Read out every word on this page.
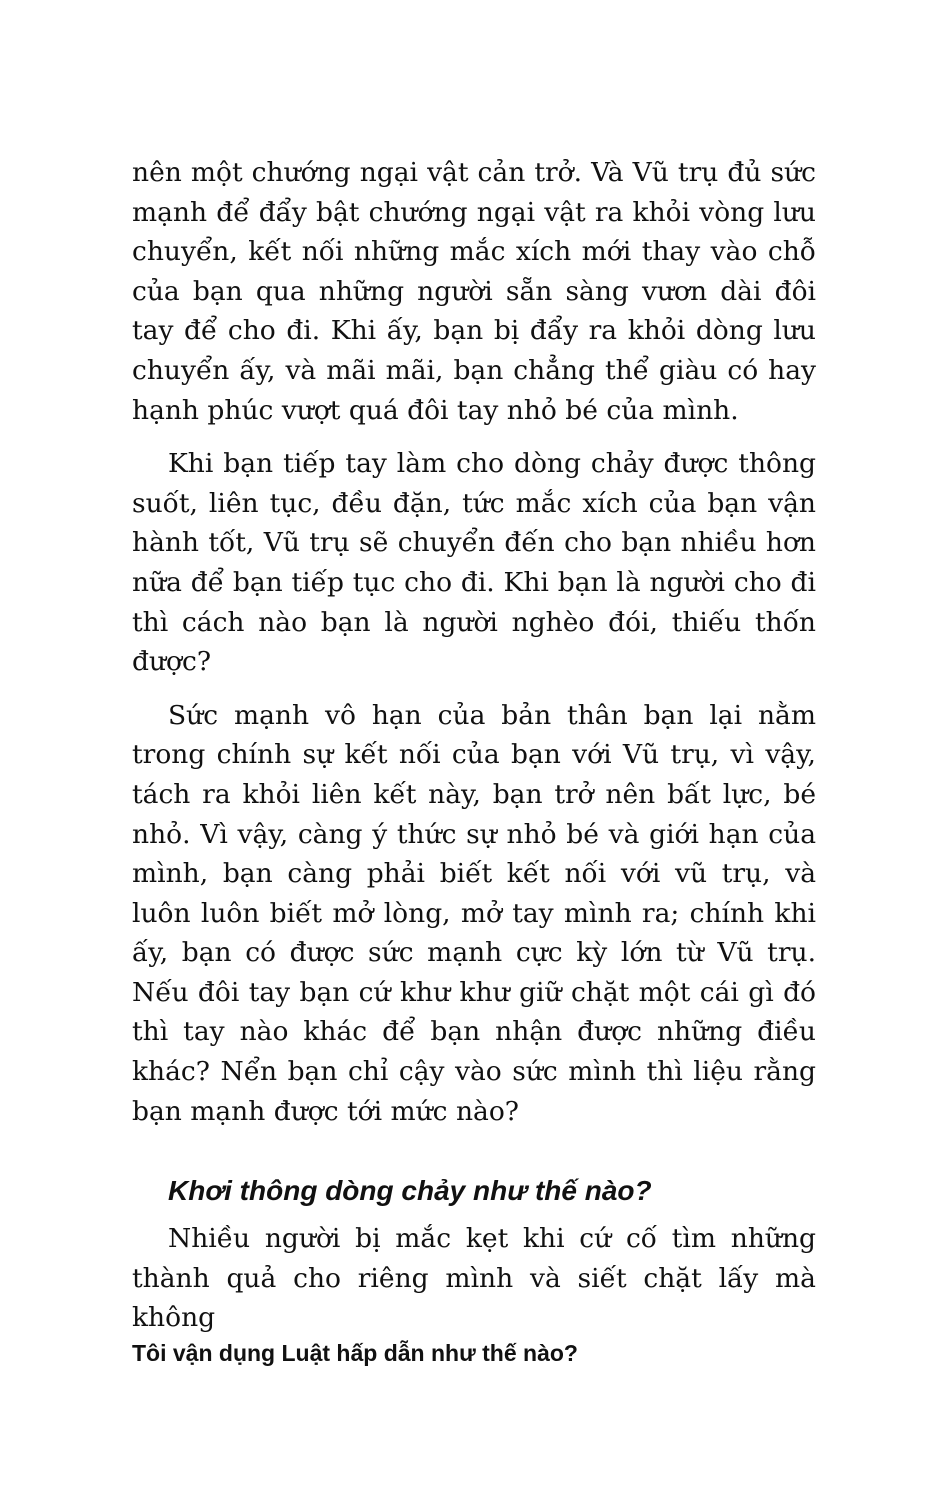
nên một chướng ngại vật cản trở. Và Vũ trụ đủ sức mạnh để đẩy bật chướng ngại vật ra khỏi vòng lưu chuyển, kết nối những mắc xích mới thay vào chỗ của bạn qua những người sẵn sàng vươn dài đôi tay để cho đi. Khi ấy, bạn bị đẩy ra khỏi dòng lưu chuyển ấy, và mãi mãi, bạn chẳng thể giàu có hay hạnh phúc vượt quá đôi tay nhỏ bé của mình.

Khi bạn tiếp tay làm cho dòng chảy được thông suốt, liên tục, đều đặn, tức mắc xích của bạn vận hành tốt, Vũ trụ sẽ chuyển đến cho bạn nhiều hơn nữa để bạn tiếp tục cho đi. Khi bạn là người cho đi thì cách nào bạn là người nghèo đói, thiếu thốn được?

Sức mạnh vô hạn của bản thân bạn lại nằm trong chính sự kết nối của bạn với Vũ trụ, vì vậy, tách ra khỏi liên kết này, bạn trở nên bất lực, bé nhỏ. Vì vậy, càng ý thức sự nhỏ bé và giới hạn của mình, bạn càng phải biết kết nối với vũ trụ, và luôn luôn biết mở lòng, mở tay mình ra; chính khi ấy, bạn có được sức mạnh cực kỳ lớn từ Vũ trụ. Nếu đôi tay bạn cứ khư khư giữ chặt một cái gì đó thì tay nào khác để bạn nhận được những điều khác? Nển bạn chỉ cậy vào sức mình thì liệu rằng bạn mạnh được tới mức nào?

Khơi thông dòng chảy như thế nào?

Nhiều người bị mắc kẹt khi cứ cố tìm những thành quả cho riêng mình và siết chặt lấy mà không

Tôi vận dụng Luật hấp dẫn như thế nào?
